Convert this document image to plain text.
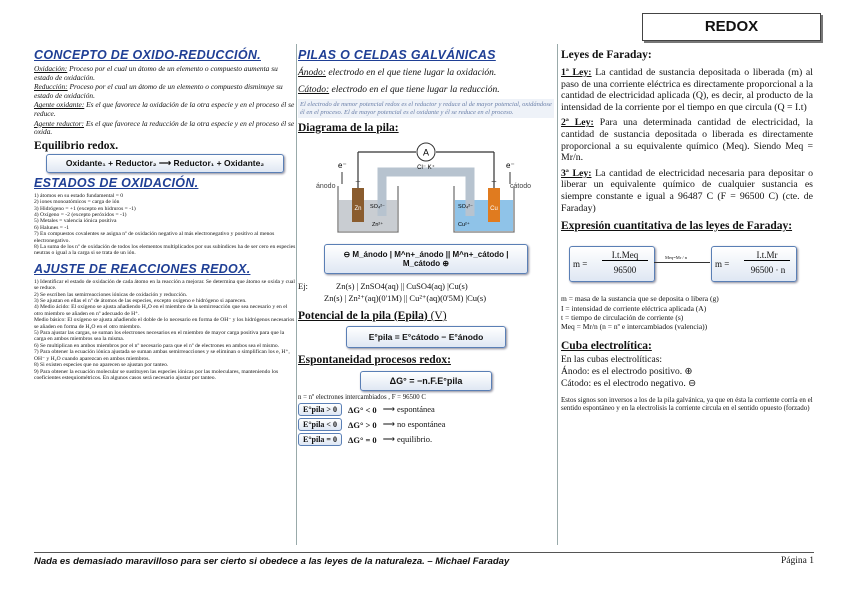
REDOX
CONCEPTO DE OXIDO-REDUCCIÓN.

Oxidación: Proceso por el cual un átomo de un elemento o compuesto aumenta su estado de oxidación.

Reducción: Proceso por el cual un átomo de un elemento o compuesto disminuye su estado de oxidación.

Agente oxidante: Es el que favorece la oxidación de la otra especie y en el proceso él se reduce.

Agente reductor: Es el que favorece la reducción de la otra especie y en el proceso él se oxida.

Equilibrio redox.
Oxidante₁ + Reductor₂ ⟶ Reductor₁ + Oxidante₂
ESTADOS DE OXIDACIÓN.

1) átomos en su estado fundamental = 0

2) iones monoatómicos = carga de ión

3) Hidrógeno = +1 (excepto en hidruros = -1)

4) Oxígeno = -2 (excepto peróxidos = -1)

5) Metales = valencia iónica positiva

6) Halunes = -1

7) En compuestos covalentes se asigna nº de oxidación negativo al más electronegativo y positivo al menos electronegativo.

8) La suma de los nº de oxidación de todos los elementos multiplicados por sus subíndices ha de ser cero en especies neutras o igual a la carga si se trata de un ión.

AJUSTE DE REACCIONES REDOX.

1) Identificar el estado de oxidación de cada átomo en la reacción a mejorar. Se determina que átomo se oxida y cual se reduce.

2) Se escriben las semirreacciones iónicas de oxidación y reducción.

3) Se ajustan en ellas el nº de átomos de las especies, excepto oxígeno e hidrógeno si aparecen.

4) Medio ácido: El oxígeno se ajusta añadiendo H₂O en el miembro de la semirreacción que sea necesario y en el otro miembro se añaden en nº adecuado de H⁺.

Medio básico: El oxígeno se ajusta añadiendo el doble de lo necesario en forma de OH⁻ y los hidrógenos necesarios se añaden en forma de H₂O en el otro miembro.

5) Para ajustar las cargas, se suman los electrones necesarios en el miembro de mayor carga positiva para que la carga en ambos miembros sea la misma.

6) Se multiplican en ambos miembros por el nº necesario para que el nº de electrones en ambos sea el mismo.

7) Para obtener la ecuación iónica ajustada se suman ambas semirreacciones y se eliminan o simplifican los e, H⁺, OH⁻ y H₂O cuando aparezcan en ambos miembros.

8) Si existen especies que no aparecen se ajustan por tanteo.

9) Para obtener la ecuación molecular se sustituyen las especies iónicas por las moleculares, manteniendo los coeficientes estequiométricos. En algunos casos será necesario ajustar por tanteo.

PILAS O CELDAS GALVÁNICAS

Ánodo: electrodo en el que tiene lugar la oxidación.

Cátodo: electrodo en el que tiene lugar la reducción.

El electrodo de menor potencial redox es el reductor y reduce al de mayor potencial, oxidándose él en el proceso. El de mayor potencial es el oxidante y él se reduce en el proceso.

Diagrama de la pila:
A
e⁻	e⁻
ánodo	cátodo
Cl⁻ K⁺
Zn
−
Cu
+
Zn²⁺
SO₄²⁻	SO₄²⁻
Cu²⁺
⊖ M_ánodo | M^n+_ánodo || M^n+_cátodo | M_cátodo ⊕
Ej:	Zn(s) | ZnSO4(aq) || CuSO4(aq) |Cu(s)
Zn(s) | Zn²⁺(aq)(0'1M) || Cu²⁺(aq)(0'5M) |Cu(s)
Potencial de la pila (Epila) (V)
E°pila = E°cátodo − E°ánodo
Espontaneidad procesos redox:
ΔG° = −n.F.E°pila

n = nº electrones intercambiados , F = 96500 C

E°pila > 0	ΔG° < 0 ⟶ espontánea
E°pila < 0	ΔG° > 0 ⟶ no espontánea
E°pila = 0	ΔG° = 0 ⟶ equilibrio.
Leyes de Faraday:

1ª Ley: La cantidad de sustancia depositada o liberada (m) al paso de una corriente eléctrica es directamente proporcional a la cantidad de electricidad aplicada (Q), es decir, al producto de la intensidad de la corriente por el tiempo en que circula (Q = I.t)

2ª Ley: Para una determinada cantidad de electricidad, la cantidad de sustancia depositada o liberada es directamente proporcional a su equivalente químico (Meq). Siendo Meq = Mr/n.

3ª Ley: La cantidad de electricidad necesaria para depositar o liberar un equivalente químico de cualquier sustancia es siempre constante e igual a 96487 C (F = 96500 C) (cte. de Faraday)

Expresión cuantitativa de las leyes de Faraday:
m =
I.t.Meq
96500
Meq=Mr / n
m =
I.t.Mr
96500 · n

m = masa de la sustancia que se deposita o libera (g)

I = intensidad de corriente eléctrica aplicada (A)

t = tiempo de circulación de corriente (s)

Meq = Mr/n (n = nº e intercambiados (valencia))

Cuba electrolítica:

En las cubas electrolíticas:

Ánodo: es el electrodo positivo. ⊕

Cátodo: es el electrodo negativo. ⊖

Estos signos son inversos a los de la pila galvánica, ya que en ésta la corriente corría en el sentido espontáneo y en la electrolisis la corriente circula en el sentido opuesto (forzado)

Nada es demasiado maravilloso para ser cierto si obedece a las leyes de la naturaleza. – Michael Faraday	Página 1
